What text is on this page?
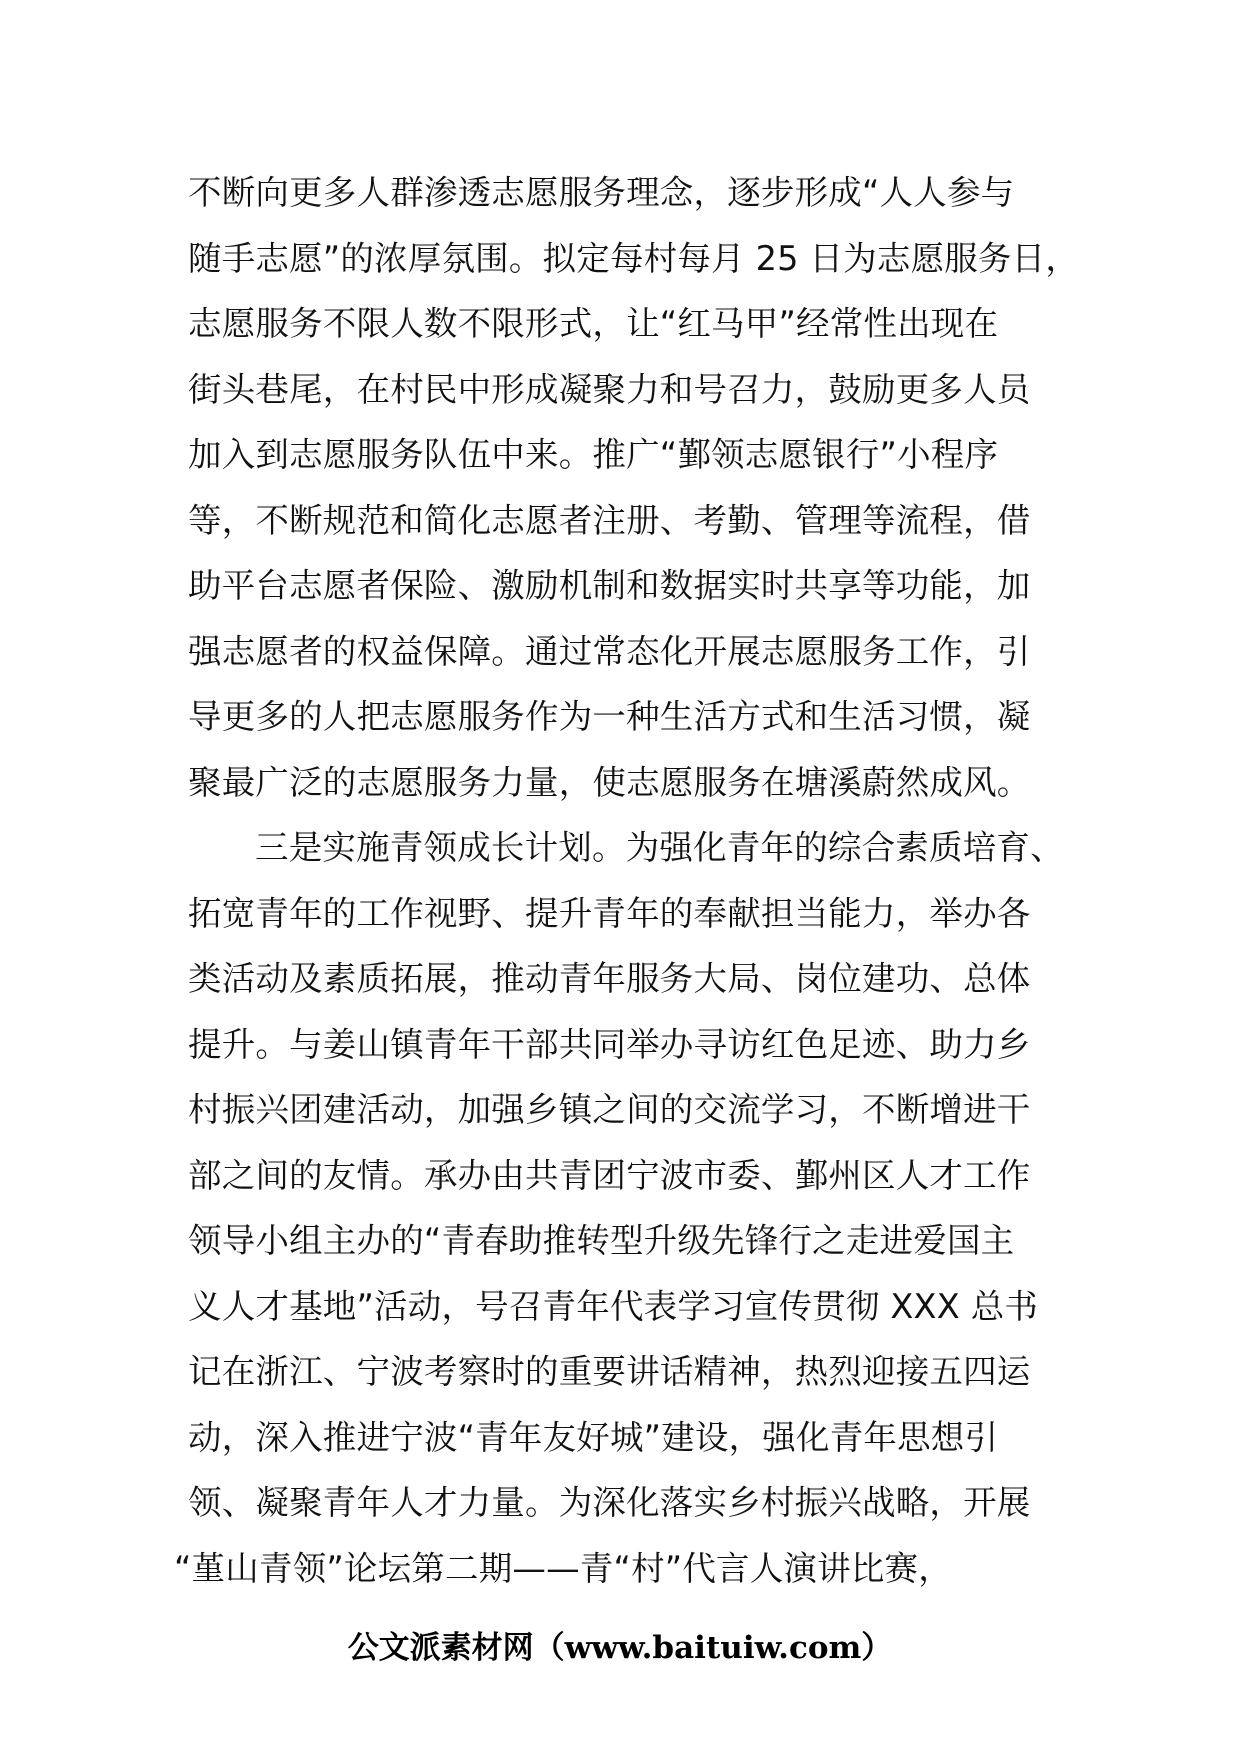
不断向更多人群渗透志愿服务理念，逐步形成“人人参与
随手志愿”的浓厚氛围。拟定每村每月 25 日为志愿服务日，
志愿服务不限人数不限形式，让“红马甲”经常性出现在
街头巷尾，在村民中形成凝聚力和号召力，鼓励更多人员
加入到志愿服务队伍中来。推广“鄞领志愿银行”小程序
等，不断规范和简化志愿者注册、考勤、管理等流程，借
助平台志愿者保险、激励机制和数据实时共享等功能，加
强志愿者的权益保障。通过常态化开展志愿服务工作，引
导更多的人把志愿服务作为一种生活方式和生活习惯，凝
聚最广泛的志愿服务力量，使志愿服务在塘溪蔚然成风。
三是实施青领成长计划。为强化青年的综合素质培育、
拓宽青年的工作视野、提升青年的奉献担当能力，举办各
类活动及素质拓展，推动青年服务大局、岗位建功、总体
提升。与姜山镇青年干部共同举办寻访红色足迹、助力乡
村振兴团建活动，加强乡镇之间的交流学习，不断增进干
部之间的友情。承办由共青团宁波市委、鄞州区人才工作
领导小组主办的“青春助推转型升级先锋行之走进爱国主
义人才基地”活动，号召青年代表学习宣传贯彻 XXX 总书
记在浙江、宁波考察时的重要讲话精神，热烈迎接五四运
动，深入推进宁波“青年友好城”建设，强化青年思想引
领、凝聚青年人才力量。为深化落实乡村振兴战略，开展
“堇山青领”论坛第二期——青“村”代言人演讲比赛，
公文派素材网（www.baituiw.com）
